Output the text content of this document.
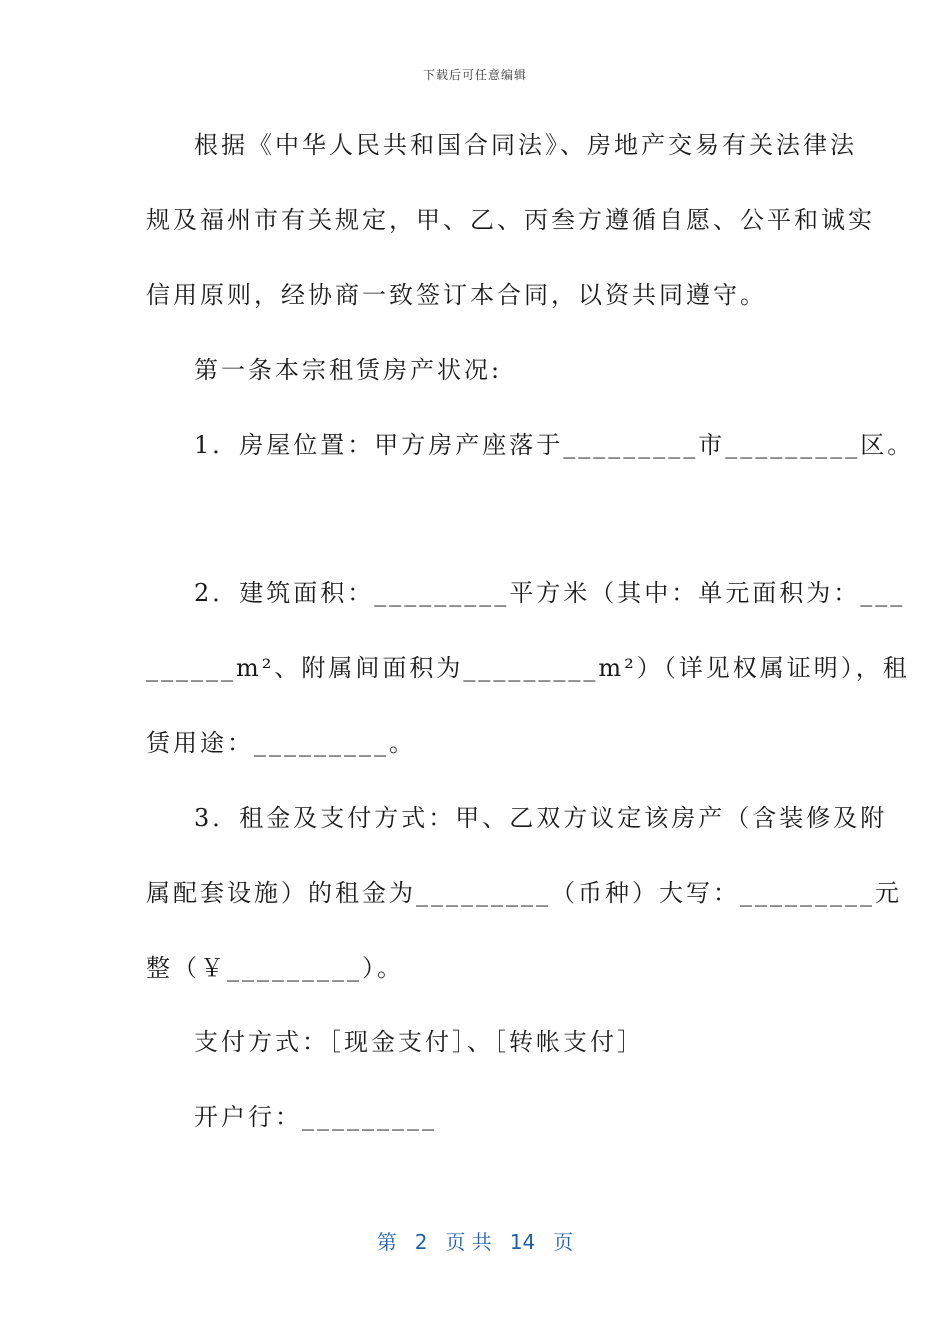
下载后可任意编辑
根据《中华人民共和国合同法》、房地产交易有关法律法
规及福州市有关规定，甲、乙、丙叁方遵循自愿、公平和诚实
信用原则，经协商一致签订本合同，以资共同遵守。
第一条本宗租赁房产状况:
1．房屋位置：甲方房产座落于_________市_________区。
2．建筑面积：_________平方米（其中：单元面积为：___
______m²、附属间面积为_________m²）（详见权属证明），租
赁用途：_________。
3．租金及支付方式：甲、乙双方议定该房产（含装修及附
属配套设施）的租金为_________（币种）大写：_________元
整（￥_________）。
支付方式：［现金支付］、［转帐支付］
开户行：_________
第 2 页 共 14 页
